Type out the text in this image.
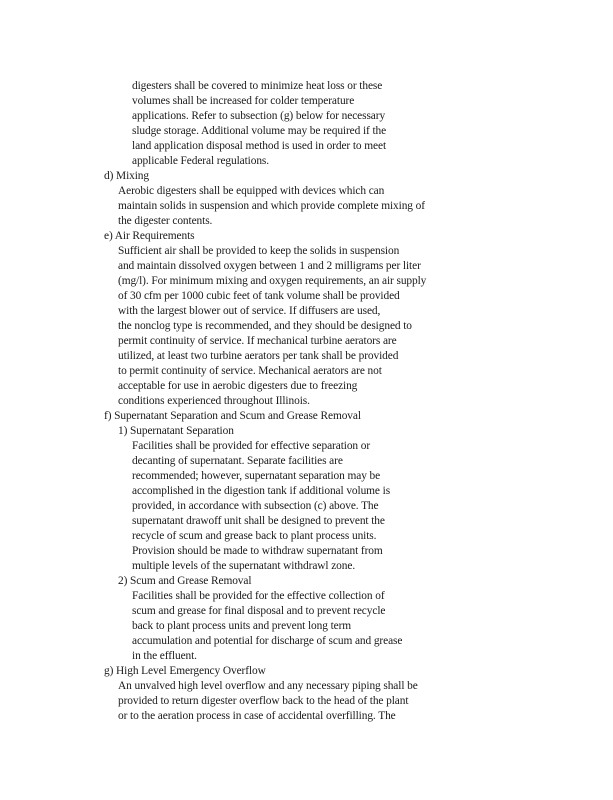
digesters shall be covered to minimize heat loss or these
volumes shall be increased for colder temperature
applications. Refer to subsection (g) below for necessary
sludge storage. Additional volume may be required if the
land application disposal method is used in order to meet
applicable Federal regulations.
d) Mixing
Aerobic digesters shall be equipped with devices which can
maintain solids in suspension and which provide complete mixing of
the digester contents.
e) Air Requirements
Sufficient air shall be provided to keep the solids in suspension
and maintain dissolved oxygen between 1 and 2 milligrams per liter
(mg/l). For minimum mixing and oxygen requirements, an air supply
of 30 cfm per 1000 cubic feet of tank volume shall be provided
with the largest blower out of service. If diffusers are used,
the nonclog type is recommended, and they should be designed to
permit continuity of service. If mechanical turbine aerators are
utilized, at least two turbine aerators per tank shall be provided
to permit continuity of service. Mechanical aerators are not
acceptable for use in aerobic digesters due to freezing
conditions experienced throughout Illinois.
f) Supernatant Separation and Scum and Grease Removal
1) Supernatant Separation
Facilities shall be provided for effective separation or
decanting of supernatant. Separate facilities are
recommended; however, supernatant separation may be
accomplished in the digestion tank if additional volume is
provided, in accordance with subsection (c) above. The
supernatant drawoff unit shall be designed to prevent the
recycle of scum and grease back to plant process units.
Provision should be made to withdraw supernatant from
multiple levels of the supernatant withdrawl zone.
2) Scum and Grease Removal
Facilities shall be provided for the effective collection of
scum and grease for final disposal and to prevent recycle
back to plant process units and prevent long term
accumulation and potential for discharge of scum and grease
in the effluent.
g) High Level Emergency Overflow
An unvalved high level overflow and any necessary piping shall be
provided to return digester overflow back to the head of the plant
or to the aeration process in case of accidental overfilling. The
